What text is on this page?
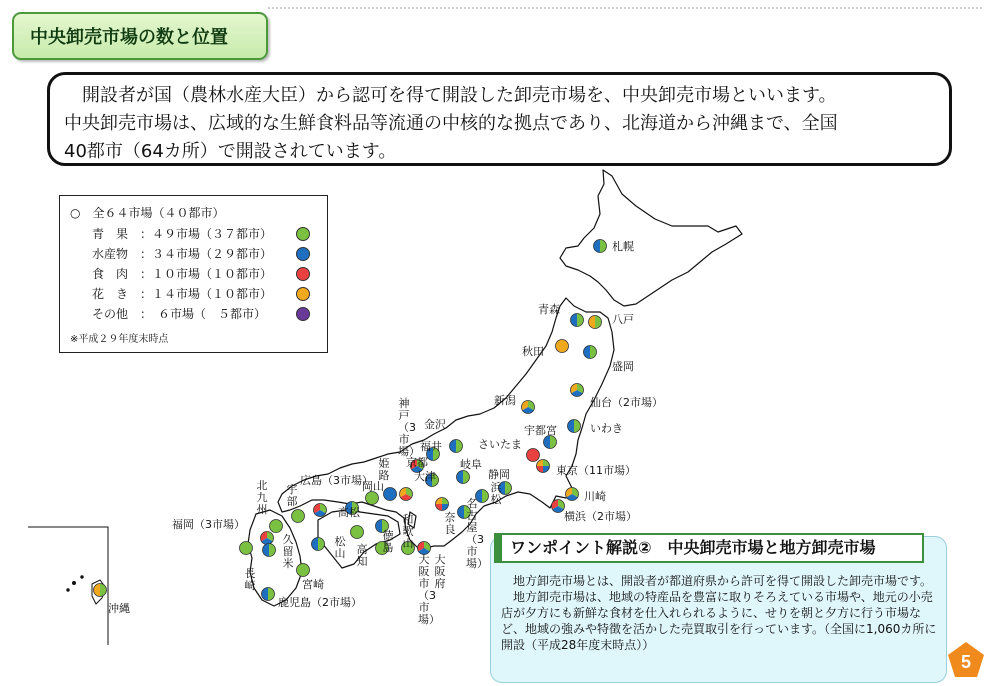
中央卸売市場の数と位置

開設者が国（農林水産大臣）から認可を得て開設した卸売市場を、中央卸売市場といいます。

中央卸売市場は、広域的な生鮮食料品等流通の中核的な拠点であり、北海道から沖縄まで、全国

40都市（64カ所）で開設されています。

札幌
青森
八戸
秋田
盛岡
仙台（2市場）
新潟
いわき
宇都宮
さいたま
東京（11市場）
川崎
横浜（2市場）
金沢
福井
岐阜
静岡
京都
大津
広島（3市場）
岡山
福岡（3市場）
宮崎
鹿児島（2市場）
沖縄
高松
神戸（3市場）
姫路
宇部
北九州
浜松
名古屋（3市場）
奈良
大阪府
大阪市（3市場）
和歌山
徳島
松山 高知
久留米
長崎
○　全６４市場（４０都市）
青　果　：４９市場（３７都市）
水産物　：３４市場（２９都市）
食　肉　：１０市場（１０都市）
花　き　：１４市場（１０都市）
その他　：　６市場（　５都市）
※平成２９年度末時点
ワンポイント解説②　中央卸売市場と地方卸売市場

地方卸売市場とは、開設者が都道府県から許可を得て開設した卸売市場です。

地方卸売市場は、地域の特産品を豊富に取りそろえている市場や、地元の小売店が夕方にも新鮮な食材を仕入れられるように、せりを朝と夕方に行う市場など、地域の強みや特徴を活かした売買取引を行っています。（全国に1,060カ所に開設（平成28年度末時点））

5
